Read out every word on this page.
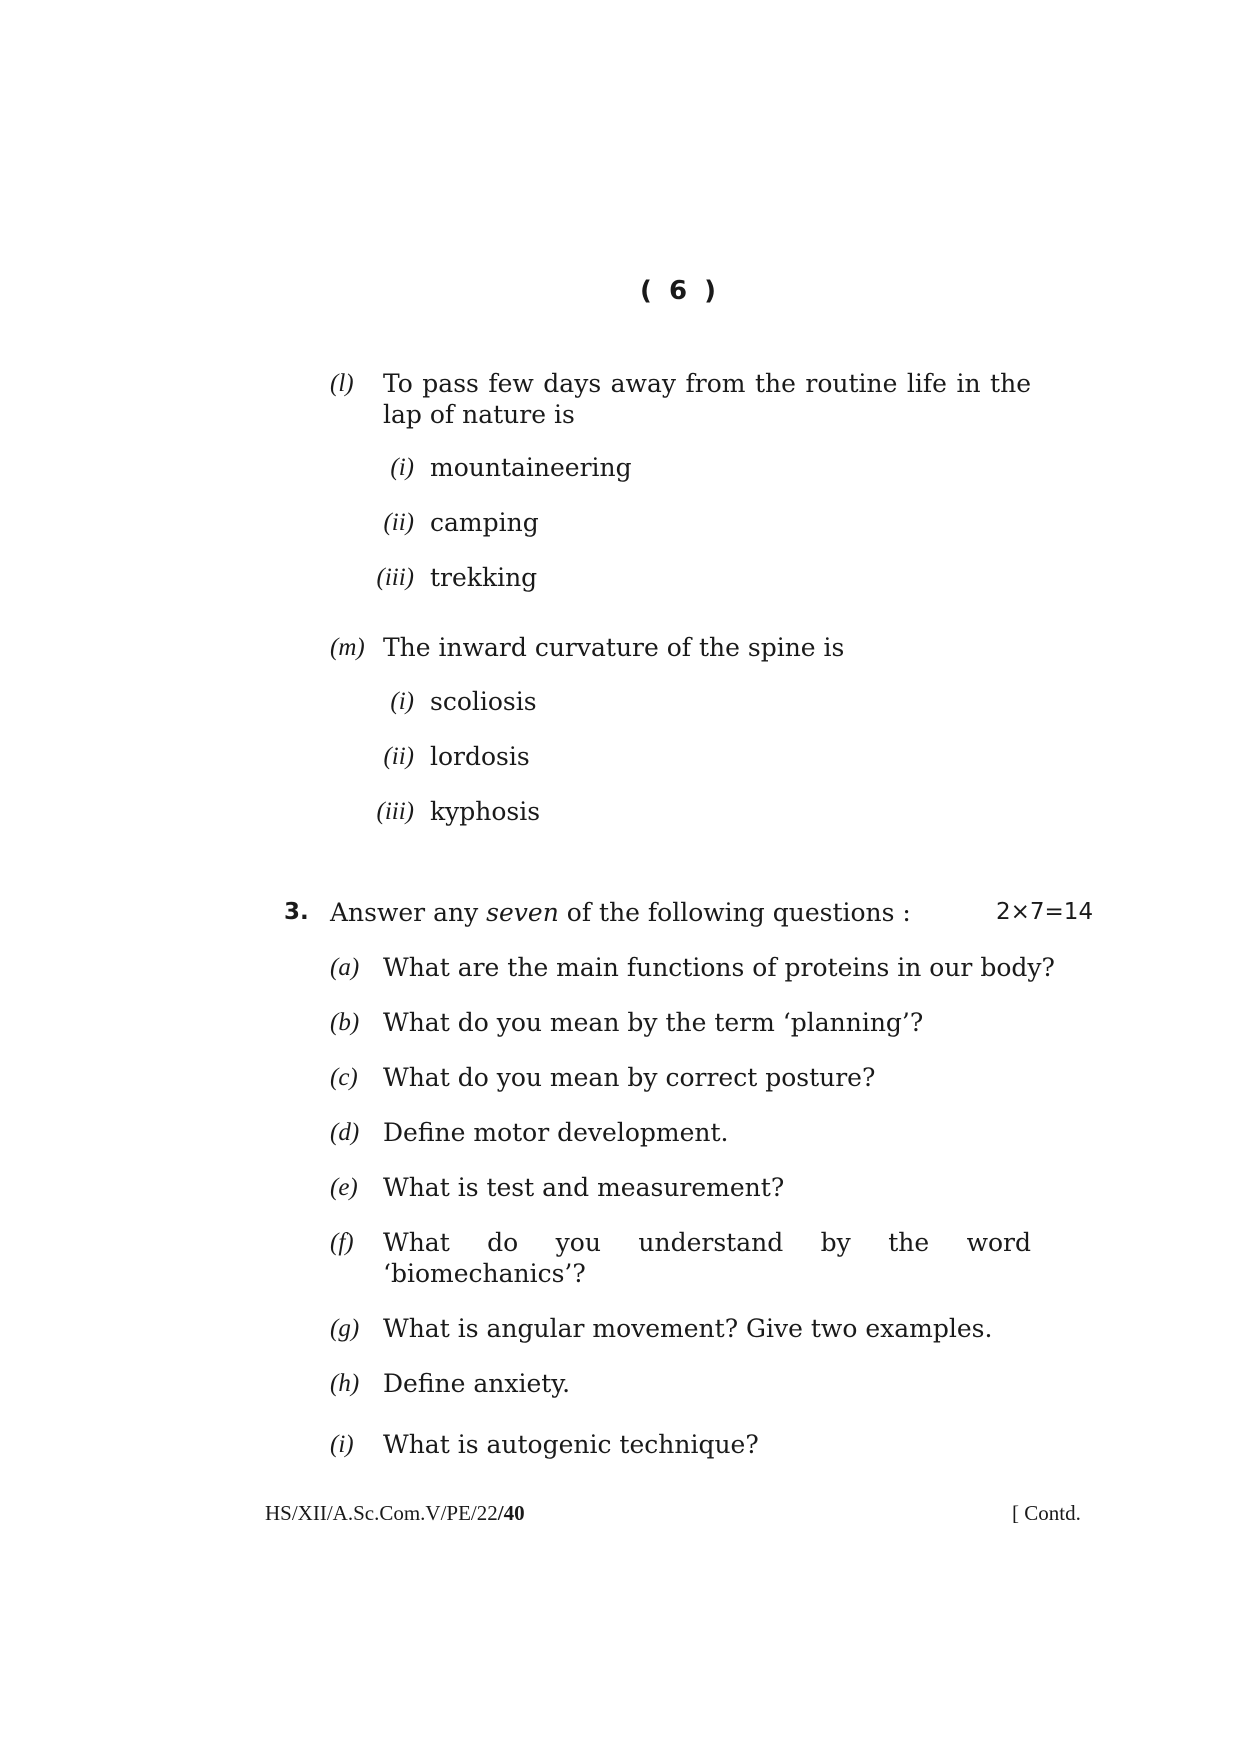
( 6 )
(l) To pass few days away from the routine life in the
lap of nature is
(i) mountaineering
(ii) camping
(iii) trekking
(m) The inward curvature of the spine is
(i) scoliosis
(ii) lordosis
(iii) kyphosis
3. Answer any seven of the following questions :	2×7=14
(a) What are the main functions of proteins in our body?
(b) What do you mean by the term ‘planning’?
(c) What do you mean by correct posture?
(d) Define motor development.
(e) What is test and measurement?
(f) What do you understand by the word
‘biomechanics’?
(g) What is angular movement? Give two examples.
(h) Define anxiety.
(i) What is autogenic technique?
HS/XII/A.Sc.Com.V/PE/22/40	[ Contd.
